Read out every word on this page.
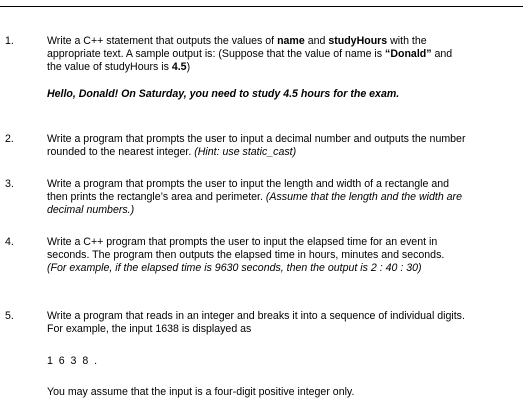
1.	Write a C++ statement that outputs the values of name and studyHours with the
appropriate text. A sample output is: (Suppose that the value of name is “Donald” and
the value of studyHours is 4.5)
Hello, Donald! On Saturday, you need to study 4.5 hours for the exam.
2.	Write a program that prompts the user to input a decimal number and outputs the number
rounded to the nearest integer. (Hint: use static_cast)
3.	Write a program that prompts the user to input the length and width of a rectangle and
then prints the rectangle’s area and perimeter. (Assume that the length and the width are
decimal numbers.)
4.	Write a C++ program that prompts the user to input the elapsed time for an event in
seconds. The program then outputs the elapsed time in hours, minutes and seconds.
(For example, if the elapsed time is 9630 seconds, then the output is 2 : 40 : 30)
5.	Write a program that reads in an integer and breaks it into a sequence of individual digits.
For example, the input 1638 is displayed as
1  6  3  8  .
You may assume that the input is a four-digit positive integer only.
